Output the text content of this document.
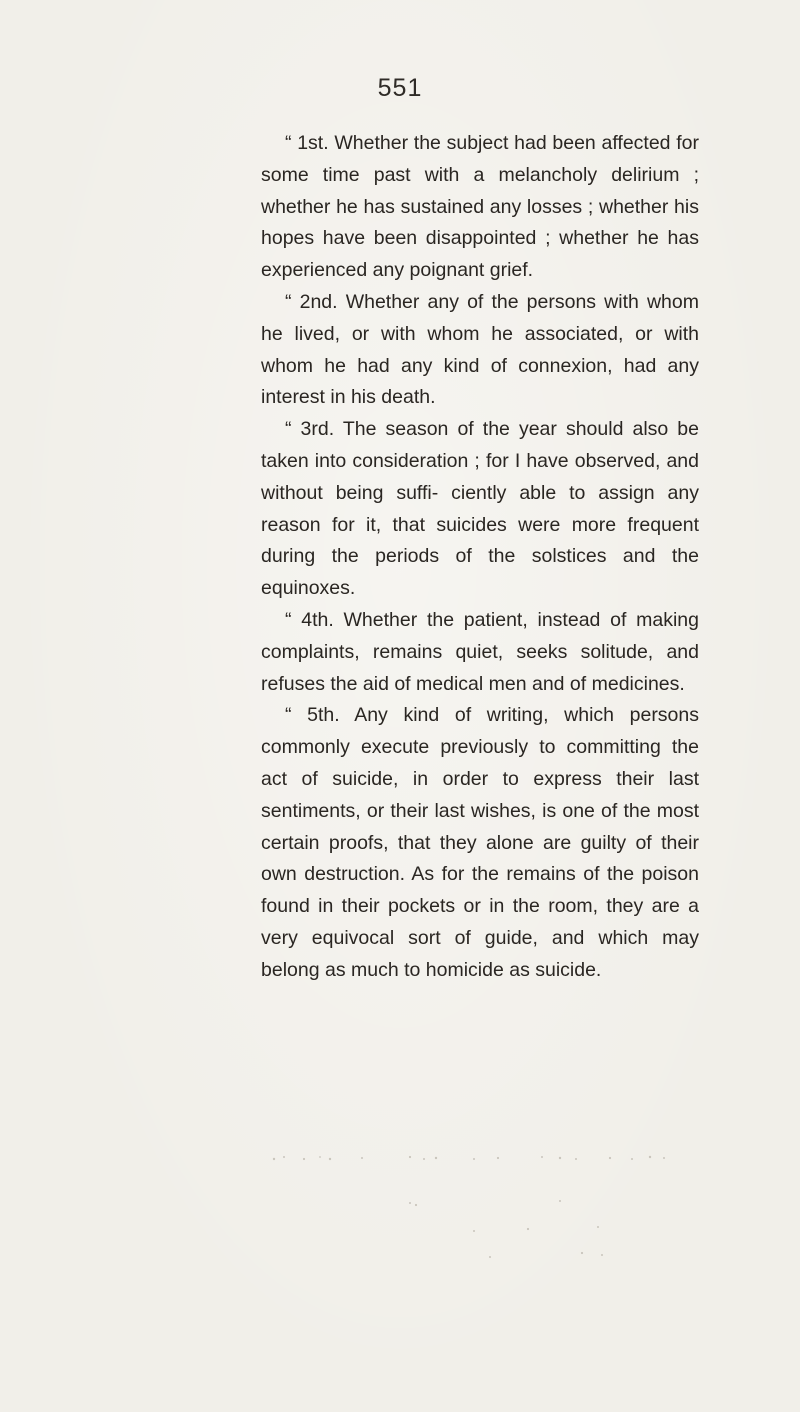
551

“ 1st. Whether the subject had been affected for some time past with a melancholy delirium ; whether he has sustained any losses ; whether his hopes have been disappointed ; whether he has experienced any poignant grief.

“ 2nd. Whether any of the persons with whom he lived, or with whom he associated, or with whom he had any kind of connexion, had any interest in his death.

“ 3rd. The season of the year should also be taken into consideration ; for I have observed, and without being suffi- ciently able to assign any reason for it, that suicides were more frequent during the periods of the solstices and the equinoxes.

“ 4th. Whether the patient, instead of making complaints, remains quiet, seeks solitude, and refuses the aid of medical men and of medicines.

“ 5th. Any kind of writing, which persons commonly execute previously to committing the act of suicide, in order to express their last sentiments, or their last wishes, is one of the most certain proofs, that they alone are guilty of their own destruction. As for the remains of the poison found in their pockets or in the room, they are a very equivocal sort of guide, and which may belong as much to homicide as suicide.
